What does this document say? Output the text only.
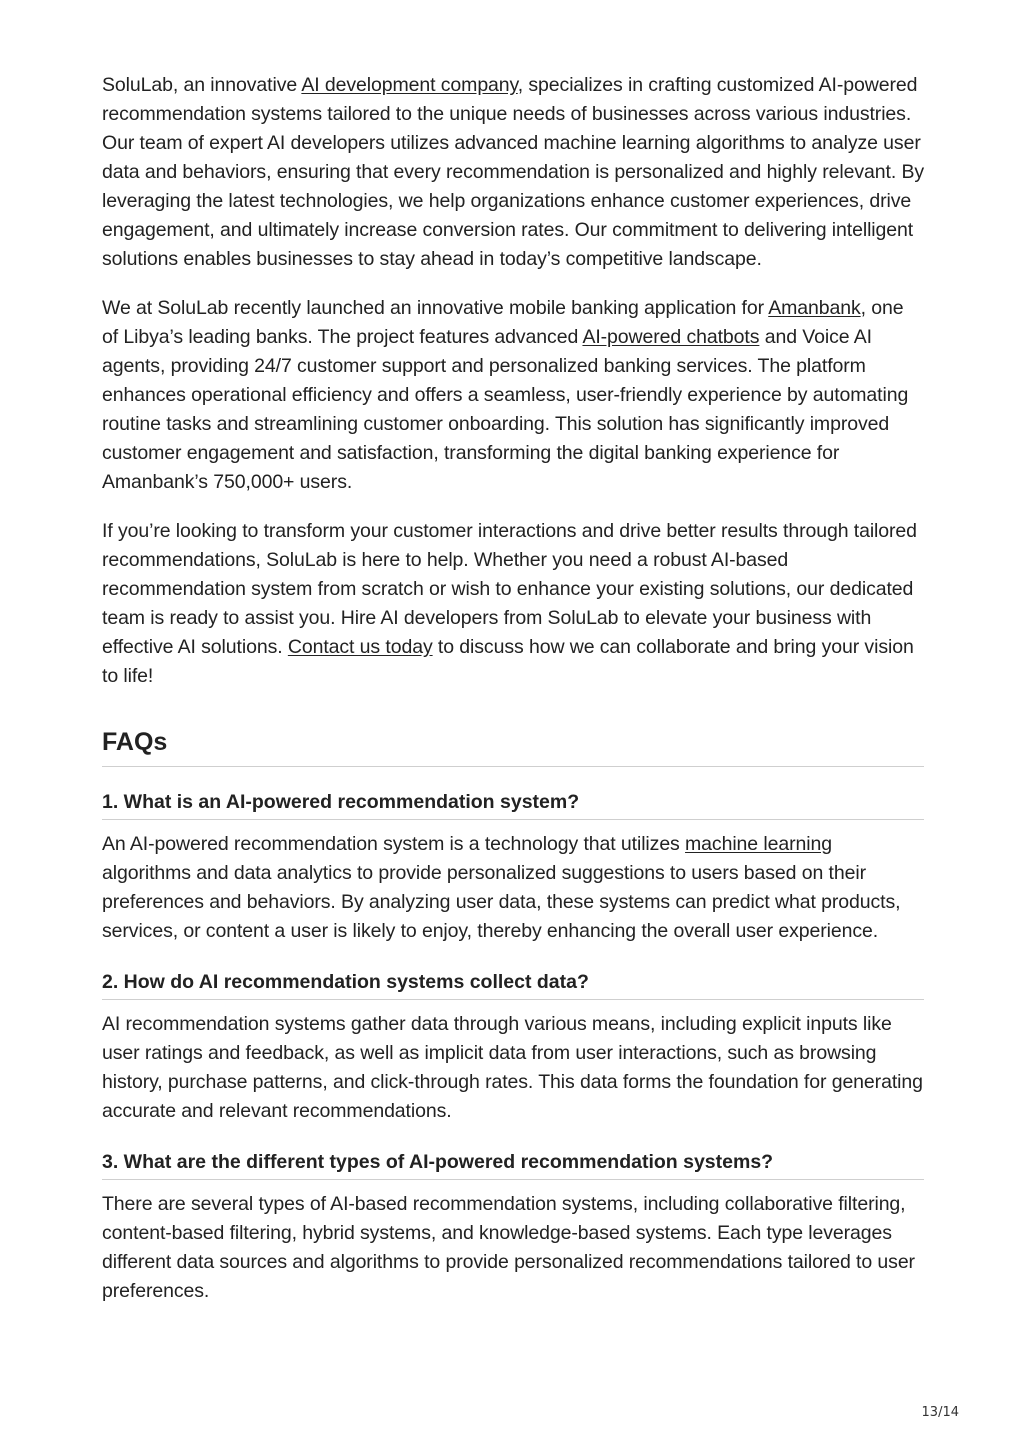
SoluLab, an innovative AI development company, specializes in crafting customized AI-powered recommendation systems tailored to the unique needs of businesses across various industries. Our team of expert AI developers utilizes advanced machine learning algorithms to analyze user data and behaviors, ensuring that every recommendation is personalized and highly relevant. By leveraging the latest technologies, we help organizations enhance customer experiences, drive engagement, and ultimately increase conversion rates. Our commitment to delivering intelligent solutions enables businesses to stay ahead in today’s competitive landscape.

We at SoluLab recently launched an innovative mobile banking application for Amanbank, one of Libya’s leading banks. The project features advanced AI-powered chatbots and Voice AI agents, providing 24/7 customer support and personalized banking services. The platform enhances operational efficiency and offers a seamless, user-friendly experience by automating routine tasks and streamlining customer onboarding. This solution has significantly improved customer engagement and satisfaction, transforming the digital banking experience for Amanbank’s 750,000+ users.

If you’re looking to transform your customer interactions and drive better results through tailored recommendations, SoluLab is here to help. Whether you need a robust AI-based recommendation system from scratch or wish to enhance your existing solutions, our dedicated team is ready to assist you. Hire AI developers from SoluLab to elevate your business with effective AI solutions. Contact us today to discuss how we can collaborate and bring your vision to life!

FAQs
1. What is an AI-powered recommendation system?

An AI-powered recommendation system is a technology that utilizes machine learning algorithms and data analytics to provide personalized suggestions to users based on their preferences and behaviors. By analyzing user data, these systems can predict what products, services, or content a user is likely to enjoy, thereby enhancing the overall user experience.

2. How do AI recommendation systems collect data?

AI recommendation systems gather data through various means, including explicit inputs like user ratings and feedback, as well as implicit data from user interactions, such as browsing history, purchase patterns, and click-through rates. This data forms the foundation for generating accurate and relevant recommendations.

3. What are the different types of AI-powered recommendation systems?

There are several types of AI-based recommendation systems, including collaborative filtering, content-based filtering, hybrid systems, and knowledge-based systems. Each type leverages different data sources and algorithms to provide personalized recommendations tailored to user preferences.

13/14
